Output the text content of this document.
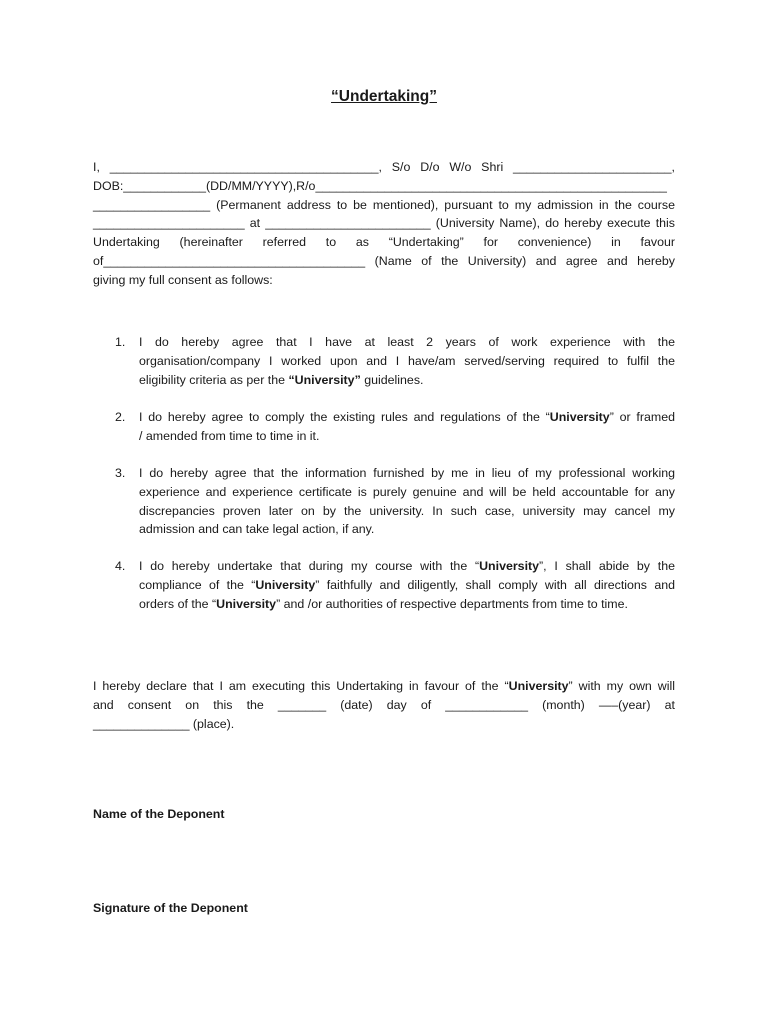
“Undertaking”
I, _______________________________________, S/o D/o W/o Shri _______________________,
DOB:____________(DD/MM/YYYY),R/o___________________________________________________
_________________ (Permanent address to be mentioned), pursuant to my admission in the course
______________________ at ________________________ (University Name), do hereby execute this
Undertaking (hereinafter referred to as “Undertaking” for convenience) in favour
of______________________________________ (Name of the University) and agree and hereby
giving my full consent as follows:
1. I do hereby agree that I have at least 2 years of work experience with the
organisation/company I worked upon and I have/am served/serving required to fulfil the
eligibility criteria as per the “University” guidelines.
2. I do hereby agree to comply the existing rules and regulations of the “University” or framed
/ amended from time to time in it.
3. I do hereby agree that the information furnished by me in lieu of my professional working
experience and experience certificate is purely genuine and will be held accountable for any
discrepancies proven later on by the university. In such case, university may cancel my
admission and can take legal action, if any.
4. I do hereby undertake that during my course with the “University”, I shall abide by the
compliance of the “University” faithfully and diligently, shall comply with all directions and
orders of the “University” and /or authorities of respective departments from time to time.
I hereby declare that I am executing this Undertaking in favour of the “University” with my own will
and consent on this the _______ (date) day of ____________ (month) —–(year) at
______________ (place).

Name of the Deponent

Signature of the Deponent
